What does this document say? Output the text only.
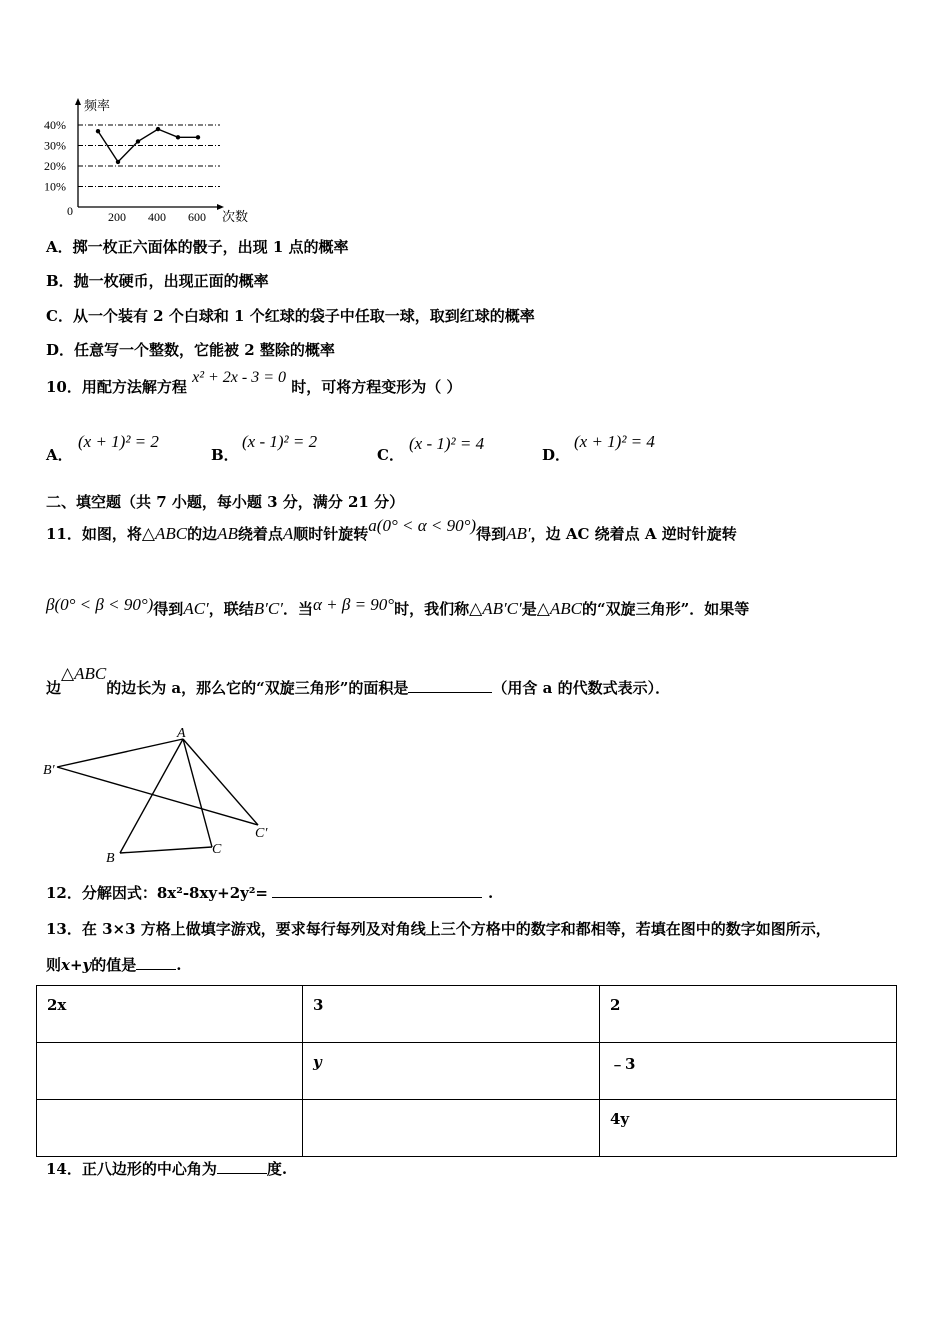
频率
次数
0
10%
20%
30%
40%
200 400 600
A．掷一枚正六面体的骰子，出现 1 点的概率
B．抛一枚硬币，出现正面的概率
C．从一个装有 2 个白球和 1 个红球的袋子中任取一球，取到红球的概率
D．任意写一个整数，它能被 2 整除的概率
10．用配方法解方程 x² + 2x - 3 = 0 时，可将方程变形为（ ）
A．
(x + 1)² = 2
B．
(x - 1)² = 2
C．
(x - 1)² = 4
D．
(x + 1)² = 4
二、填空题（共 7 小题，每小题 3 分，满分 21 分）
11．如图，将△ABC的边AB绕着点A顺时针旋转a(0° < α < 90°)得到AB′，边 AC 绕着点 A 逆时针旋转
β(0° < β < 90°)得到AC′，联结B′C′．当α + β = 90°时，我们称△AB′C′是△ABC的“双旋三角形”．如果等
边△ABC的边长为 a，那么它的“双旋三角形”的面积是	（用含 a 的代数式表示）．
A
B′
C′
B
C
12．分解因式：8x²-8xy+2y²=	.
13．在 3×3 方格上做填字游戏，要求每行每列及对角线上三个方格中的数字和都相等，若填在图中的数字如图所示，
则x+y的值是	.
2x	3	2
	y	﹣3
		4y
14．正八边形的中心角为	度.
